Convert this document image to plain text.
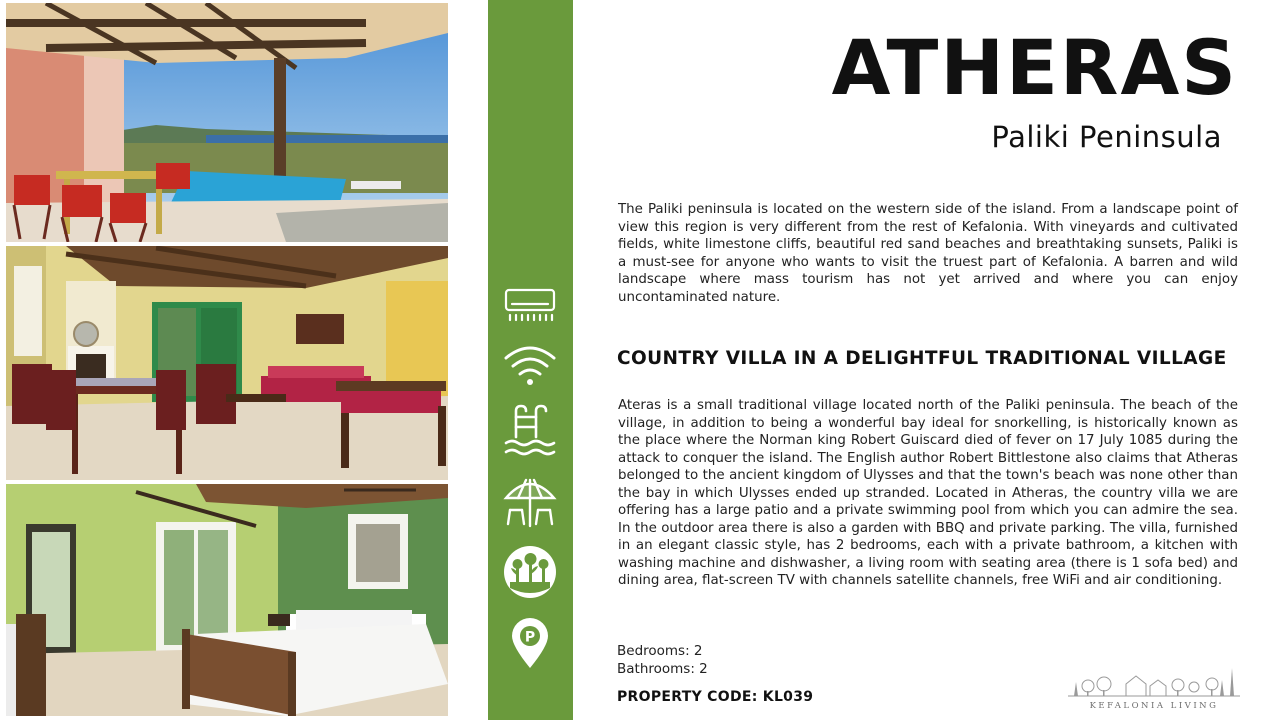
P
ATHERAS
Paliki Peninsula

The Paliki peninsula is located on the western side of the island. From a landscape point of view this region is very different from the rest of Kefalonia. With vineyards and cultivated fields, white limestone cliffs, beautiful red sand beaches and breathtaking sunsets, Paliki is a must-see for anyone who wants to visit the truest part of Kefalonia. A barren and wild landscape where mass tourism has not yet arrived and where you can enjoy uncontaminated nature.

COUNTRY VILLA IN A DELIGHTFUL TRADITIONAL VILLAGE

Ateras is a small traditional village located north of the Paliki peninsula. The beach of the village, in addition to being a wonderful bay ideal for snorkelling, is historically known as the place where the Norman king Robert Guiscard died of fever on 17 July 1085 during the attack to conquer the island. The English author Robert Bittlestone also claims that Atheras belonged to the ancient kingdom of Ulysses and that the town's beach was none other than the bay in which Ulysses ended up stranded. Located in Atheras, the country villa we are offering has a large patio and a private swimming pool from which you can admire the sea. In the outdoor area there is also a garden with BBQ and private parking. The villa, furnished in an elegant classic style, has 2 bedrooms, each with a private bathroom, a kitchen with washing machine and dishwasher, a living room with seating area (there is 1 sofa bed) and dining area, flat-screen TV with channels satellite channels, free WiFi and air conditioning.

Bedrooms: 2
Bathrooms: 2
PROPERTY CODE: KL039
KEFALONIA LIVING
